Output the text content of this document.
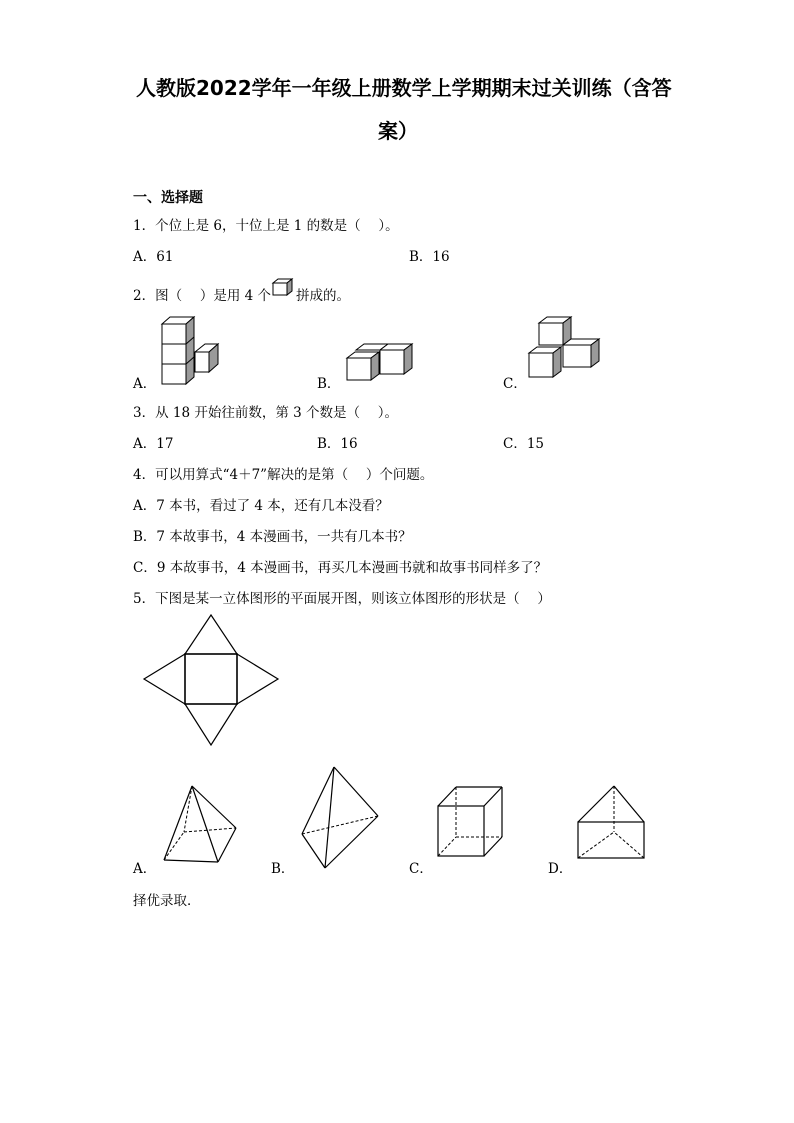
人教版2022学年一年级上册数学上学期期末过关训练（含答
案）
一、选择题
1．个位上是 6，十位上是 1 的数是（　 ）。
A．61	B．16
2．图（　 ）是用 4 个 拼成的。
A．	B．	C．
3．从 18 开始往前数，第 3 个数是（　 ）。
A．17	B．16	C．15
4．可以用算式“4＋7”解决的是第（　 ）个问题。
A．7 本书，看过了 4 本，还有几本没看？
B．7 本故事书，4 本漫画书，一共有几本书？
C．9 本故事书，4 本漫画书，再买几本漫画书就和故事书同样多了？
5．下图是某一立体图形的平面展开图，则该立体图形的形状是（　 ）
A．	B．	C．	D．
择优录取．
